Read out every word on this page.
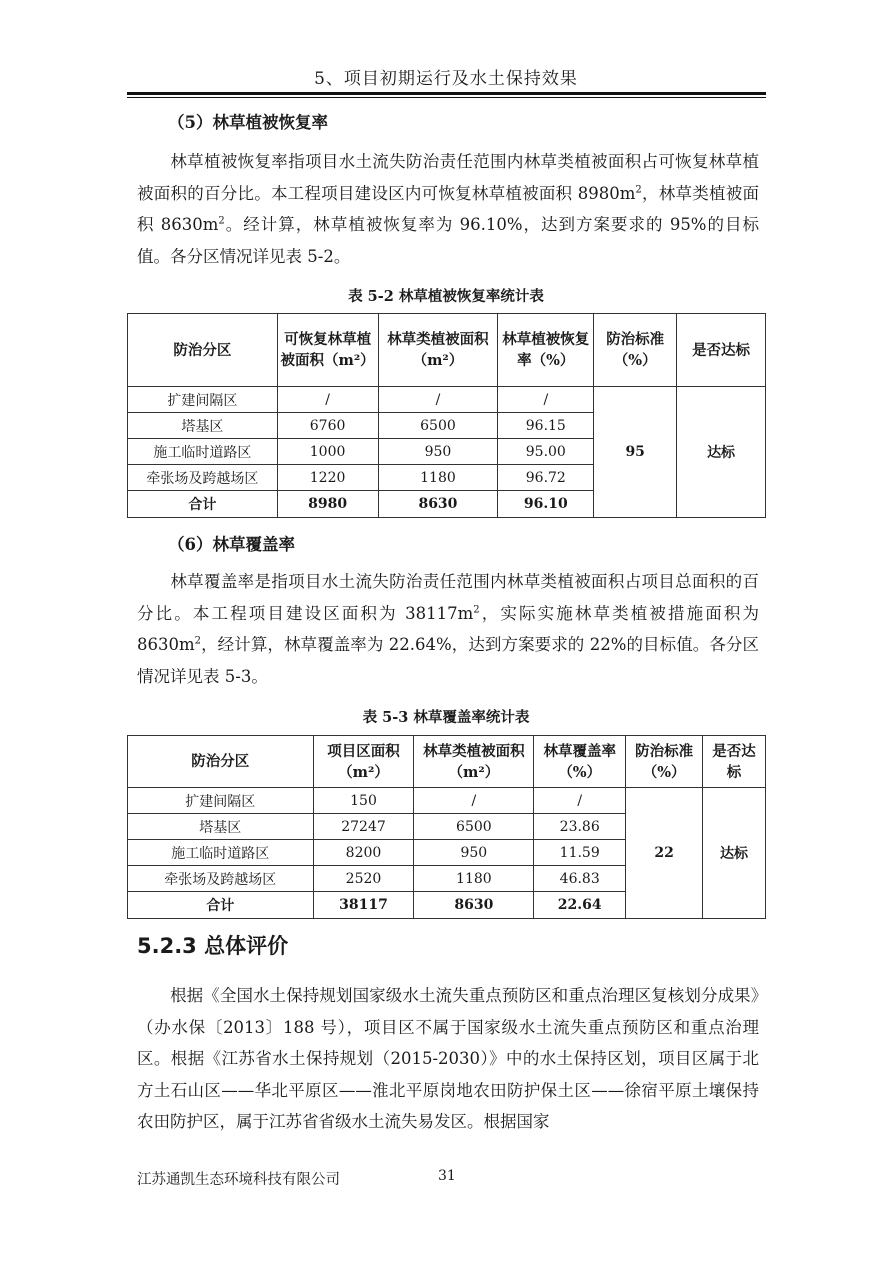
5、项目初期运行及水土保持效果
（5）林草植被恢复率
林草植被恢复率指项目水土流失防治责任范围内林草类植被面积占可恢复林草植被面积的百分比。本工程项目建设区内可恢复林草植被面积 $8980m^2$，林草类植被面积 $8630m^2$。经计算，林草植被恢复率为 96.10%，达到方案要求的 95%的目标值。各分区情况详见表 5-2。
表 5-2 林草植被恢复率统计表
防治分区	可恢复林草植被面积（m²）	林草类植被面积（m²）	林草植被恢复率（%）	防治标准（%）	是否达标
扩建间隔区	/	/	/	95	达标
塔基区	6760	6500	96.15		
施工临时道路区	1000	950	95.00		
牵张场及跨越场区	1220	1180	96.72		
合计	8980	8630	96.10		
（6）林草覆盖率
林草覆盖率是指项目水土流失防治责任范围内林草类植被面积占项目总面积的百分比。本工程项目建设区面积为 $38117m^2$，实际实施林草类植被措施面积为 $8630m^2$，经计算，林草覆盖率为 22.64%，达到方案要求的 22%的目标值。各分区情况详见表 5-3。
表 5-3 林草覆盖率统计表
防治分区	项目区面积（m²）	林草类植被面积（m²）	林草覆盖率（%）	防治标准（%）	是否达标
扩建间隔区	150	/	/	22	达标
塔基区	27247	6500	23.86		
施工临时道路区	8200	950	11.59		
牵张场及跨越场区	2520	1180	46.83		
合计	38117	8630	22.64		
5.2.3 总体评价
根据《全国水土保持规划国家级水土流失重点预防区和重点治理区复核划分成果》（办水保〔2013〕188 号），项目区不属于国家级水土流失重点预防区和重点治理区。根据《江苏省水土保持规划（2015-2030）》中的水土保持区划，项目区属于北方土石山区——华北平原区——淮北平原岗地农田防护保土区——徐宿平原土壤保持农田防护区，属于江苏省省级水土流失易发区。根据国家
江苏通凯生态环境科技有限公司	31
